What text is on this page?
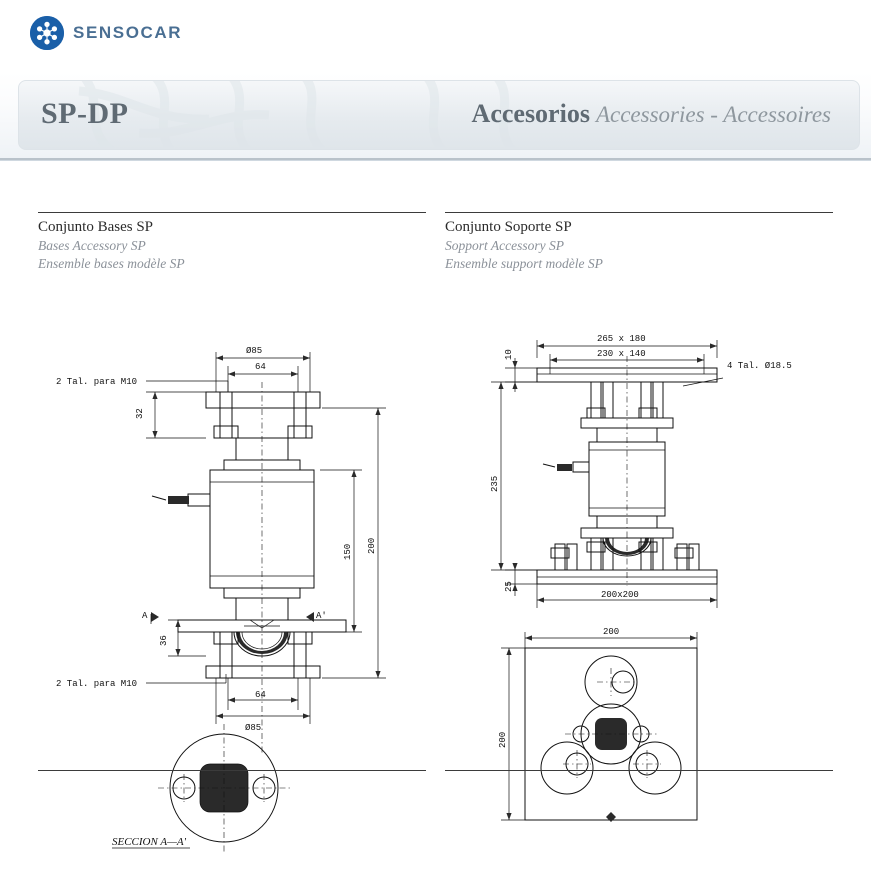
SENSOCAR
SP-DP	Accesorios Accessories - Accessoires
Conjunto Bases SP
Bases Accessory SP
Ensemble bases modèle SP
Ø85
64
2 Tal. para M10
32
A	A'
36
150 200
2 Tal. para M10
64
Ø85
SECCION A—A'
Conjunto Soporte SP
Sopport Accessory SP
Ensemble support modèle SP
265 x 180
230 x 140
10
4 Tal. Ø18.5
235
25
200x200
200
200
